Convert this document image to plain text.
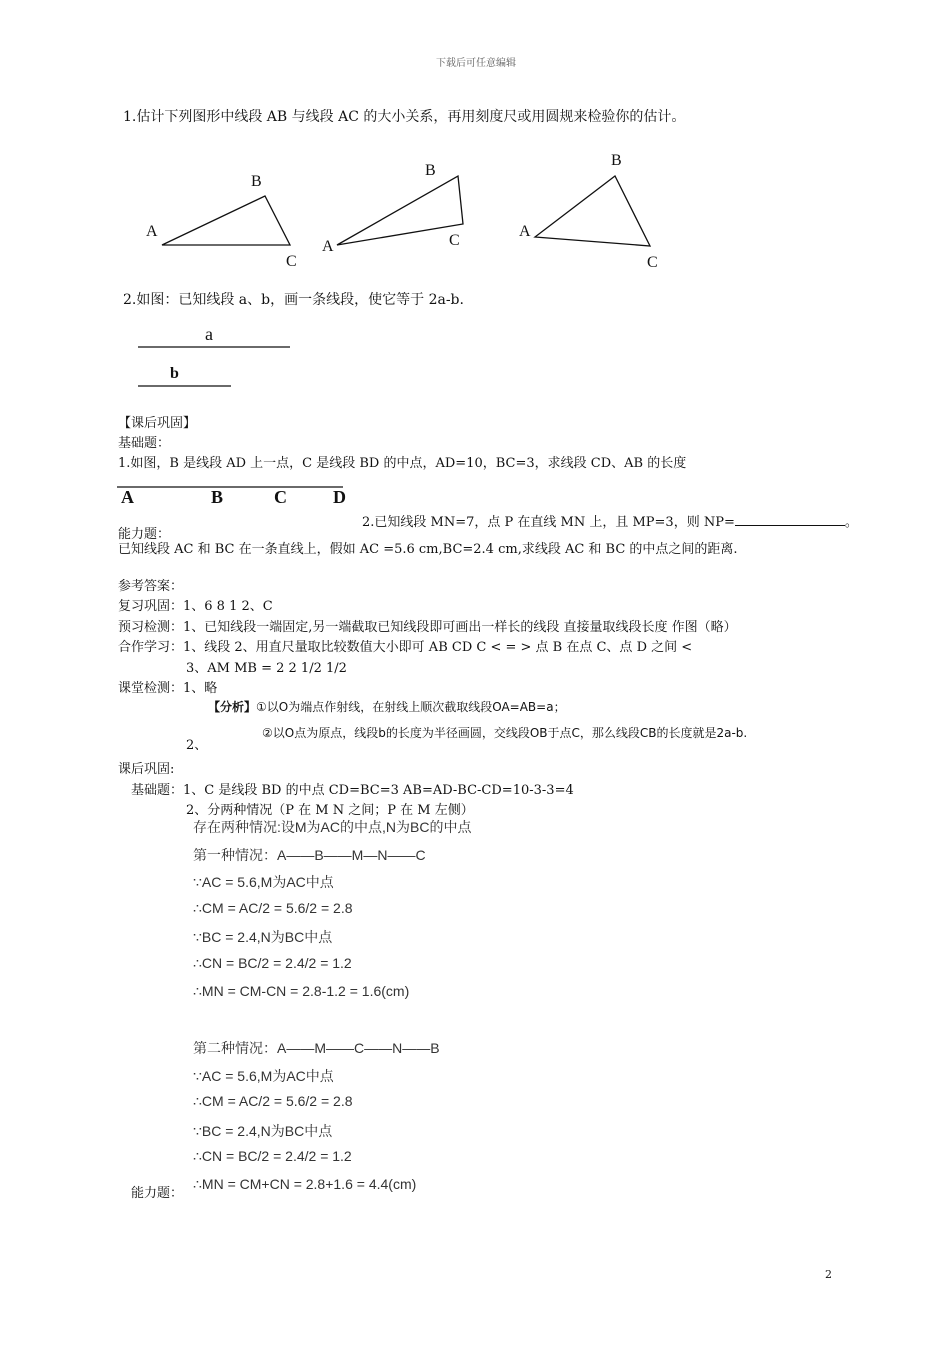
下载后可任意编辑
1.估计下列图形中线段 AB 与线段 AC 的大小关系，再用刻度尺或用圆规来检验你的估计。
A
B
C
A
B
C
A
B
C
a
b
A	B	C	D
2.如图：已知线段 a、b，画一条线段，使它等于 2a-b.
【课后巩固】
基础题：
1.如图，B 是线段 AD 上一点，C 是线段 BD 的中点，AD=10，BC=3，求线段 CD、AB 的长度
2.已知线段 MN=7，点 P 在直线 MN 上，且 MP=3，则 NP=	。
能力题：
已知线段 AC 和 BC 在一条直线上，假如 AC =5.6 cm,BC=2.4 cm,求线段 AC 和 BC 的中点之间的距离.
参考答案：
复习巩固：1、6 8 1 2、C
预习检测：1、已知线段一端固定,另一端截取已知线段即可画出一样长的线段 直接量取线段长度 作图（略）
合作学习：1、线段 2、用直尺量取比较数值大小即可 AB CD C < = > 点 B 在点 C、点 D 之间 <
3、AM MB = 2 2 1/2 1/2
课堂检测：1、略
【分析】①以O为端点作射线，在射线上顺次截取线段OA=AB=a；
②以O点为原点，线段b的长度为半径画圆，交线段OB于点C，那么线段CB的长度就是2a-b.
2、
课后巩固:
基础题：1、C 是线段 BD 的中点 CD=BC=3 AB=AD-BC-CD=10-3-3=4
2、分两种情况（P 在 M N 之间；P 在 M 左侧）
存在两种情况:设M为AC的中点,N为BC的中点
第一种情况：A——B——M—N——C
∵AC = 5.6,M为AC中点
∴CM = AC/2 = 5.6/2 = 2.8
∵BC = 2.4,N为BC中点
∴CN = BC/2 = 2.4/2 = 1.2
∴MN = CM-CN = 2.8-1.2 = 1.6(cm)
第二种情况：A——M——C——N——B
∵AC = 5.6,M为AC中点
∴CM = AC/2 = 5.6/2 = 2.8
∵BC = 2.4,N为BC中点
∴CN = BC/2 = 2.4/2 = 1.2
∴MN = CM+CN = 2.8+1.6 = 4.4(cm)
能力题：
2
